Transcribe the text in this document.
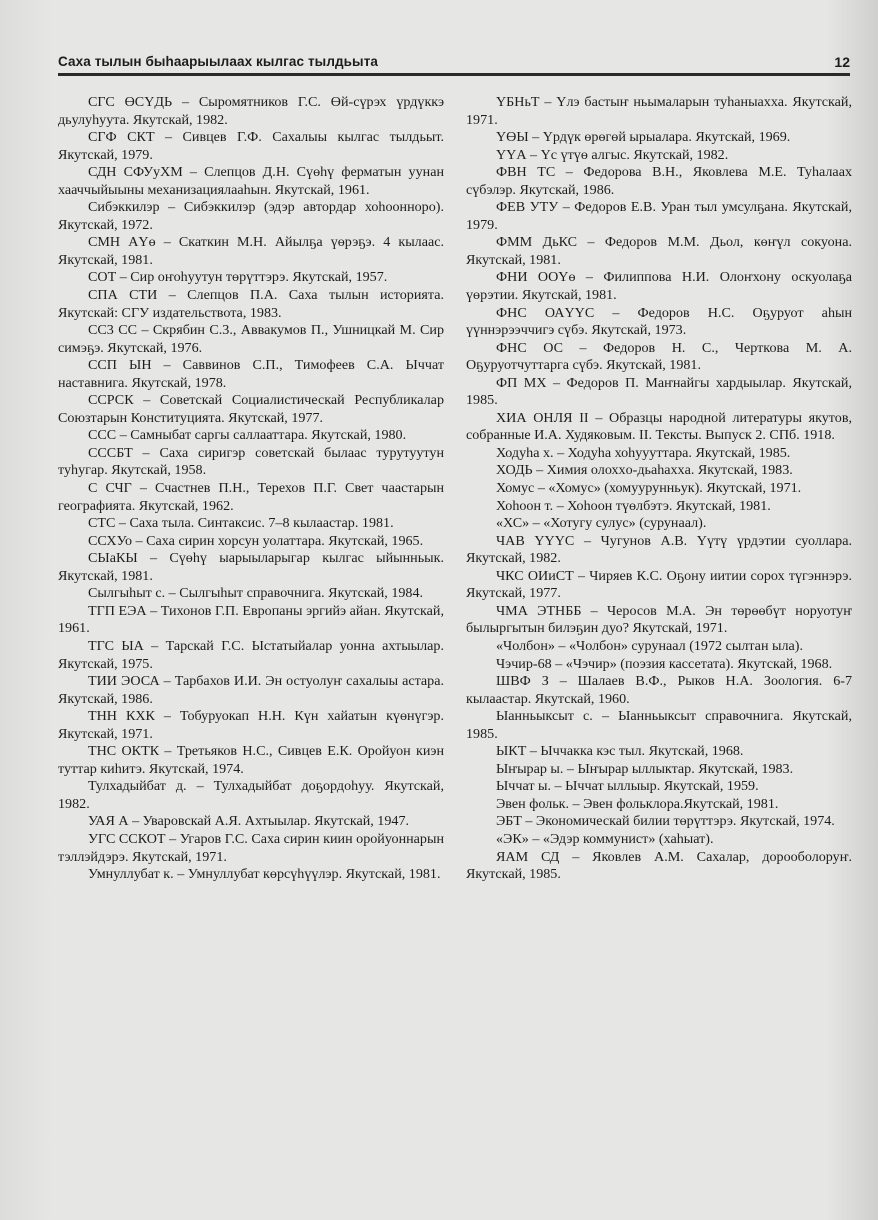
Саха тылын быһаарыылаах кылгас тылдьыта	12

СГС ӨСҮДЬ – Сыромятников Г.С. Өй-сүрэх үрдүккэ дьулуһуута. Якутскай, 1982.

СГФ СКТ – Сивцев Г.Ф. Сахалыы кылгас тылдьыт. Якутскай, 1979.

СДН СФУуХМ – Слепцов Д.Н. Сүөһү ферматын уунан хааччыйыыны механизациялааһын. Якутскай, 1961.

Сибэккилэр – Сибэккилэр (эдэр автордар хоһооннорo). Якутскай, 1972.

СМН АҮө – Скаткин М.Н. Айылҕа үөрэҕэ. 4 кылаас. Якутскай, 1981.

СОТ – Сир оҥоһуутун төрүттэрэ. Якутскай, 1957.

СПА СТИ – Слепцов П.А. Саха тылын историята. Якутскай: СГУ издательствота, 1983.

СС3 СС – Скрябин С.3., Аввакумов П., Ушницкай М. Сир симэҕэ. Якутскай, 1976.

ССП ЫН – Саввинов С.П., Тимофеев С.А. Ыччат наставнига. Якутскай, 1978.

ССРСК – Советскай Социалистическай Республикалар Союзтарын Конституцията. Якутскай, 1977.

ССС – Самныбат саргы саллааттара. Якутскай, 1980.

СССБТ – Саха сиригэр советскай былаас турутуутун туһугар. Якутскай, 1958.

С СЧГ – Счастнев П.Н., Терехов П.Г. Свет чаастарын географията. Якутскай, 1962.

СТС – Саха тыла. Синтаксис. 7–8 кылаастар. 1981.

ССХУо – Саха сирин хорсун уолаттара. Якутскай, 1965.

СЫаКЫ – Сүөһү ыарыыларыгар кылгас ыйынньык. Якутскай, 1981.

Сылгыһыт с. – Сылгыһыт справочнига. Якутскай, 1984.

ТГП ЕЭА – Тихонов Г.П. Европаны эргийэ айан. Якутскай, 1961.

ТГС ЫА – Тарскай Г.С. Ыстатыйалар уонна ахтыылар. Якутскай, 1975.

ТИИ ЭОСА – Тарбахов И.И. Эн остуолуҥ сахалыы астара. Якутскай, 1986.

ТНН КХК – Тобуруокап Н.Н. Күн хайатын күөнүгэр. Якутскай, 1971.

ТНС ОКТК – Третьяков Н.С., Сивцев Е.К. Оройуон киэн туттар киһитэ. Якутскай, 1974.

Тулхадыйбат д. – Тулхадыйбат доҕордоһуу. Якутскай, 1982.

УАЯ А – Уваровскай А.Я. Ахтыылар. Якутскай, 1947.

УГС ССКОТ – Угаров Г.С. Саха сирин киин оройуоннарын тэллэйдэрэ. Якутскай, 1971.

Умнуллубат к. – Умнуллубат көрсүһүүлэр. Якутскай, 1981.

ҮБНьТ – Үлэ бастыҥ ньымаларын туһаныахха. Якутскай, 1971.

ҮӨЫ – Үрдүк өрөгөй ырыалара. Якутскай, 1969.

ҮҮА – Үс үтүө алгыс. Якутскай, 1982.

ФВН ТС – Федорова В.Н., Яковлева М.Е. Туһалаах сүбэлэр. Якутскай, 1986.

ФЕВ УТУ – Федоров Е.В. Уран тыл умсулҕана. Якутскай, 1979.

ФММ ДьКС – Федоров М.М. Дьол, көҥүл сокуона. Якутскай, 1981.

ФНИ ООҮө – Филиппова Н.И. Олоҥхону оскуолаҕа үөрэтии. Якутскай, 1981.

ФНС ОАҮҮС – Федоров Н.С. Оҕуруот аһын үүннэрээччигэ сүбэ. Якутскай, 1973.

ФНС ОС – Федоров Н. С., Черткова М. А. Оҕуруотчуттарга сүбэ. Якутскай, 1981.

ФП МХ – Федоров П. Маҥнайгы хардыылар. Якутскай, 1985.

ХИА ОНЛЯ II – Образцы народной литературы якутов, собранные И.А. Худяковым. II. Тексты. Выпуск 2. СПб. 1918.

Ходуһа х. – Ходуһа хоһуууттара. Якутскай, 1985.

ХОДЬ – Химия олохxо-дьаһаххa. Якутскай, 1983.

Хомус – «Хомус» (хомуурунньук). Якутскай, 1971.

Хоһоон т. – Хоһоон түөлбэтэ. Якутскай, 1981.

«ХС» – «Хотугу сулус» (сурунаал).

ЧАВ ҮҮҮС – Чугунов А.В. Үүтү үрдэтии суоллара. Якутскай, 1982.

ЧКС ОИиСТ – Чиряев К.С. Оҕону иитии сорох түгэннэрэ. Якутскай, 1977.

ЧМА ЭТНББ – Черосов М.А. Эн төрөөбүт норуотуҥ былыргытын билэҕин дуо? Якутскай, 1971.

«Чолбон» – «Чолбон» сурунаал (1972 сылтан ыла).

Чэчир-68 – «Чэчир» (поэзия кассетата). Якутскай, 1968.

ШВФ З – Шалаев В.Ф., Рыков Н.А. Зоология. 6-7 кылаастар. Якутскай, 1960.

Ыанньыксыт с. – Ыанньыксыт справочнига. Якутскай, 1985.

ЫКТ – Ыччакка кэс тыл. Якутскай, 1968.

Ыҥырар ы. – Ыҥырар ыллыктар. Якутскай, 1983.

Ыччат ы. – Ыччат ыллыыр. Якутскай, 1959.

Эвен фольк. – Эвен фольклора.Якутскай, 1981.

ЭБТ – Экономическай билии төрүттэрэ. Якутскай, 1974.

«ЭК» – «Эдэр коммунист» (хаһыат).

ЯАМ СД – Яковлев А.М. Сахалар, дорооболоруҥ. Якутскай, 1985.
